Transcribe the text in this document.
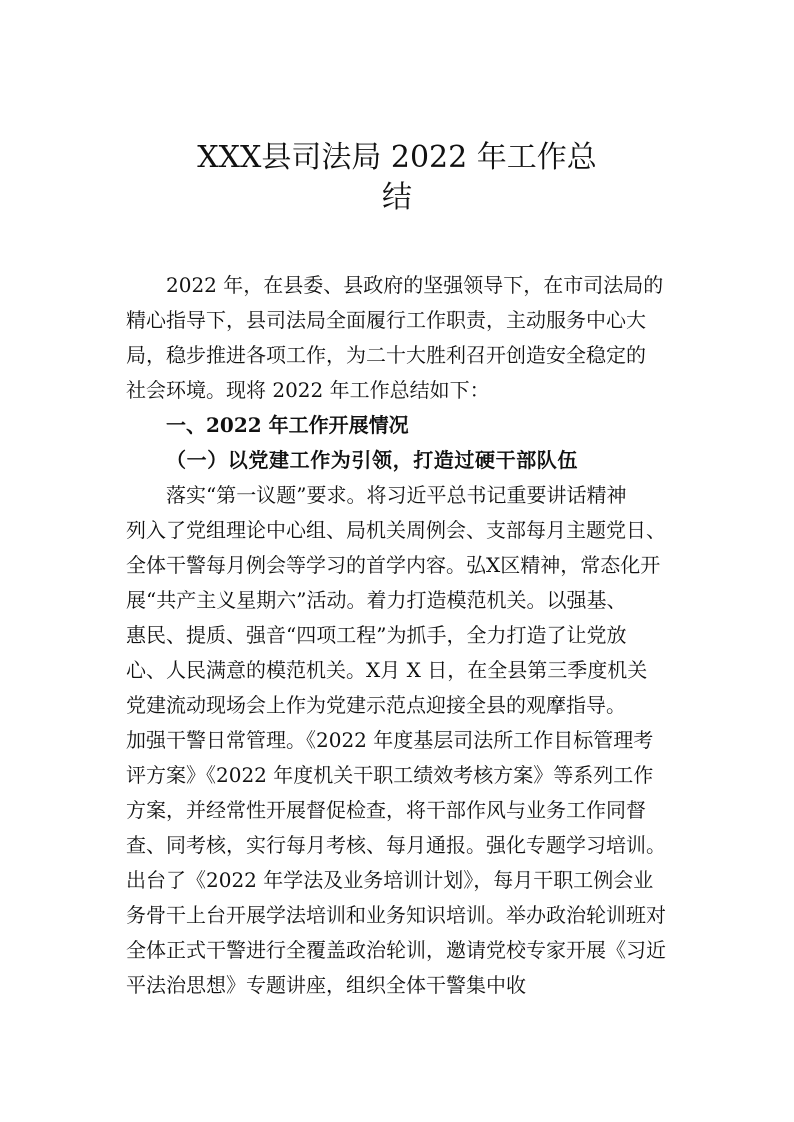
XXX县司法局 2022 年工作总
结
2022 年，在县委、县政府的坚强领导下，在市司法局的
精心指导下，县司法局全面履行工作职责，主动服务中心大
局，稳步推进各项工作，为二十大胜利召开创造安全稳定的
社会环境。现将 2022 年工作总结如下：
一、2022 年工作开展情况
（一）以党建工作为引领，打造过硬干部队伍
落实“第一议题”要求。将习近平总书记重要讲话精神
列入了党组理论中心组、局机关周例会、支部每月主题党日、
全体干警每月例会等学习的首学内容。弘X区精神，常态化开
展“共产主义星期六”活动。着力打造模范机关。以强基、
惠民、提质、强音“四项工程”为抓手，全力打造了让党放
心、人民满意的模范机关。X月 X 日，在全县第三季度机关
党建流动现场会上作为党建示范点迎接全县的观摩指导。
加强干警日常管理。《2022 年度基层司法所工作目标管理考
评方案》《2022 年度机关干职工绩效考核方案》等系列工作
方案，并经常性开展督促检查，将干部作风与业务工作同督
查、同考核，实行每月考核、每月通报。强化专题学习培训。
出台了《2022 年学法及业务培训计划》，每月干职工例会业
务骨干上台开展学法培训和业务知识培训。举办政治轮训班对
全体正式干警进行全覆盖政治轮训，邀请党校专家开展《习近
平法治思想》专题讲座，组织全体干警集中收
